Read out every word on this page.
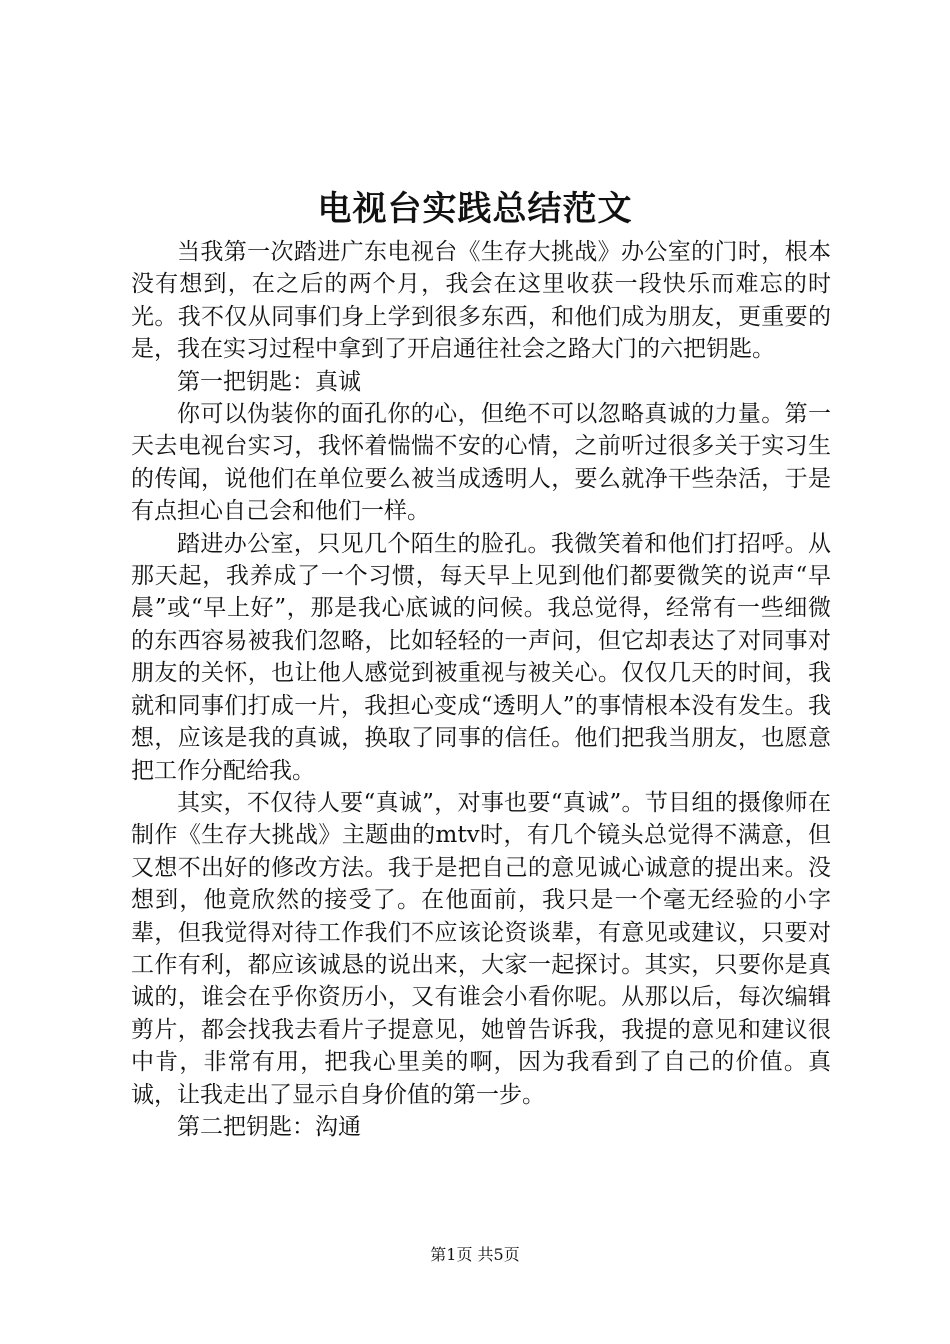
电视台实践总结范文

当我第一次踏进广东电视台《生存大挑战》办公室的门时，根本没有想到，在之后的两个月，我会在这里收获一段快乐而难忘的时光。我不仅从同事们身上学到很多东西，和他们成为朋友，更重要的是，我在实习过程中拿到了开启通往社会之路大门的六把钥匙。

第一把钥匙：真诚

你可以伪装你的面孔你的心，但绝不可以忽略真诚的力量。第一天去电视台实习，我怀着惴惴不安的心情，之前听过很多关于实习生的传闻，说他们在单位要么被当成透明人，要么就净干些杂活，于是有点担心自己会和他们一样。

踏进办公室，只见几个陌生的脸孔。我微笑着和他们打招呼。从那天起，我养成了一个习惯，每天早上见到他们都要微笑的说声“早晨”或“早上好”，那是我心底诚的问候。我总觉得，经常有一些细微的东西容易被我们忽略，比如轻轻的一声问，但它却表达了对同事对朋友的关怀，也让他人感觉到被重视与被关心。仅仅几天的时间，我就和同事们打成一片，我担心变成“透明人”的事情根本没有发生。我想，应该是我的真诚，换取了同事的信任。他们把我当朋友，也愿意把工作分配给我。

其实，不仅待人要“真诚”，对事也要“真诚”。节目组的摄像师在制作《生存大挑战》主题曲的mtv时，有几个镜头总觉得不满意，但又想不出好的修改方法。我于是把自己的意见诚心诚意的提出来。没想到，他竟欣然的接受了。在他面前，我只是一个毫无经验的小字辈，但我觉得对待工作我们不应该论资谈辈，有意见或建议，只要对工作有利，都应该诚恳的说出来，大家一起探讨。其实，只要你是真诚的，谁会在乎你资历小，又有谁会小看你呢。从那以后，每次编辑剪片，都会找我去看片子提意见，她曾告诉我，我提的意见和建议很中肯，非常有用，把我心里美的啊，因为我看到了自己的价值。真诚，让我走出了显示自身价值的第一步。

第二把钥匙：沟通

第1页 共5页
